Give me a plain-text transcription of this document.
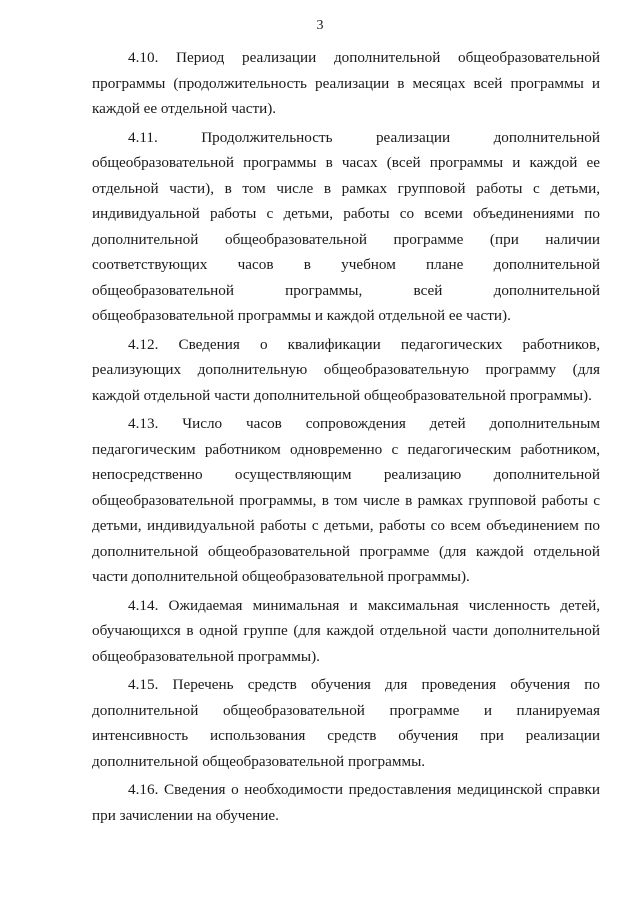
3

4.10. Период реализации дополнительной общеобразовательной программы (продолжительность реализации в месяцах всей программы и каждой ее отдельной части).

4.11. Продолжительность реализации дополнительной общеобразовательной программы в часах (всей программы и каждой ее отдельной части), в том числе в рамках групповой работы с детьми, индивидуальной работы с детьми, работы со всеми объединениями по дополнительной общеобразовательной программе (при наличии соответствующих часов в учебном плане дополнительной общеобразовательной программы, всей дополнительной общеобразовательной программы и каждой отдельной ее части).

4.12. Сведения о квалификации педагогических работников, реализующих дополнительную общеобразовательную программу (для каждой отдельной части дополнительной общеобразовательной программы).

4.13. Число часов сопровождения детей дополнительным педагогическим работником одновременно с педагогическим работником, непосредственно осуществляющим реализацию дополнительной общеобразовательной программы, в том числе в рамках групповой работы с детьми, индивидуальной работы с детьми, работы со всем объединением по дополнительной общеобразовательной программе (для каждой отдельной части дополнительной общеобразовательной программы).

4.14. Ожидаемая минимальная и максимальная численность детей, обучающихся в одной группе (для каждой отдельной части дополнительной общеобразовательной программы).

4.15. Перечень средств обучения для проведения обучения по дополнительной общеобразовательной программе и планируемая интенсивность использования средств обучения при реализации дополнительной общеобразовательной программы.

4.16. Сведения о необходимости предоставления медицинской справки при зачислении на обучение.
